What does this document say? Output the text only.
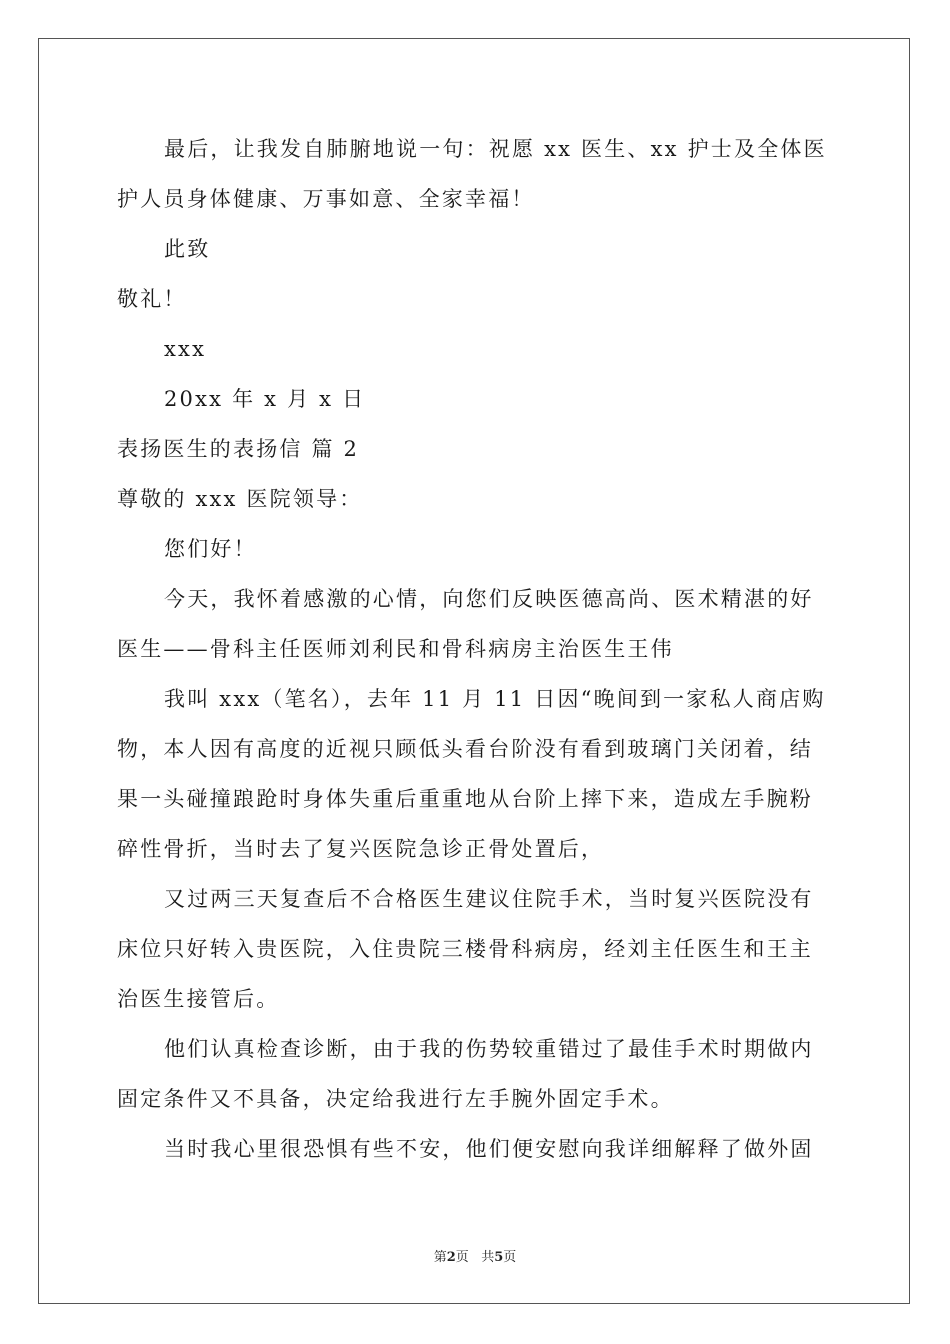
最后，让我发自肺腑地说一句：祝愿 xx 医生、xx 护士及全体医
护人员身体健康、万事如意、全家幸福！
此致
敬礼！
xxx
20xx 年 x 月 x 日
表扬医生的表扬信 篇 2
尊敬的 xxx 医院领导：
您们好！
今天，我怀着感激的心情，向您们反映医德高尚、医术精湛的好
医生——骨科主任医师刘利民和骨科病房主治医生王伟
我叫 xxx（笔名），去年 11 月 11 日因“晚间到一家私人商店购
物，本人因有高度的近视只顾低头看台阶没有看到玻璃门关闭着，结
果一头碰撞踉跄时身体失重后重重地从台阶上摔下来，造成左手腕粉
碎性骨折，当时去了复兴医院急诊正骨处置后，
又过两三天复查后不合格医生建议住院手术，当时复兴医院没有
床位只好转入贵医院，入住贵院三楼骨科病房，经刘主任医生和王主
治医生接管后。
他们认真检查诊断，由于我的伤势较重错过了最佳手术时期做内
固定条件又不具备，决定给我进行左手腕外固定手术。
当时我心里很恐惧有些不安，他们便安慰向我详细解释了做外固
第2页 共5页
